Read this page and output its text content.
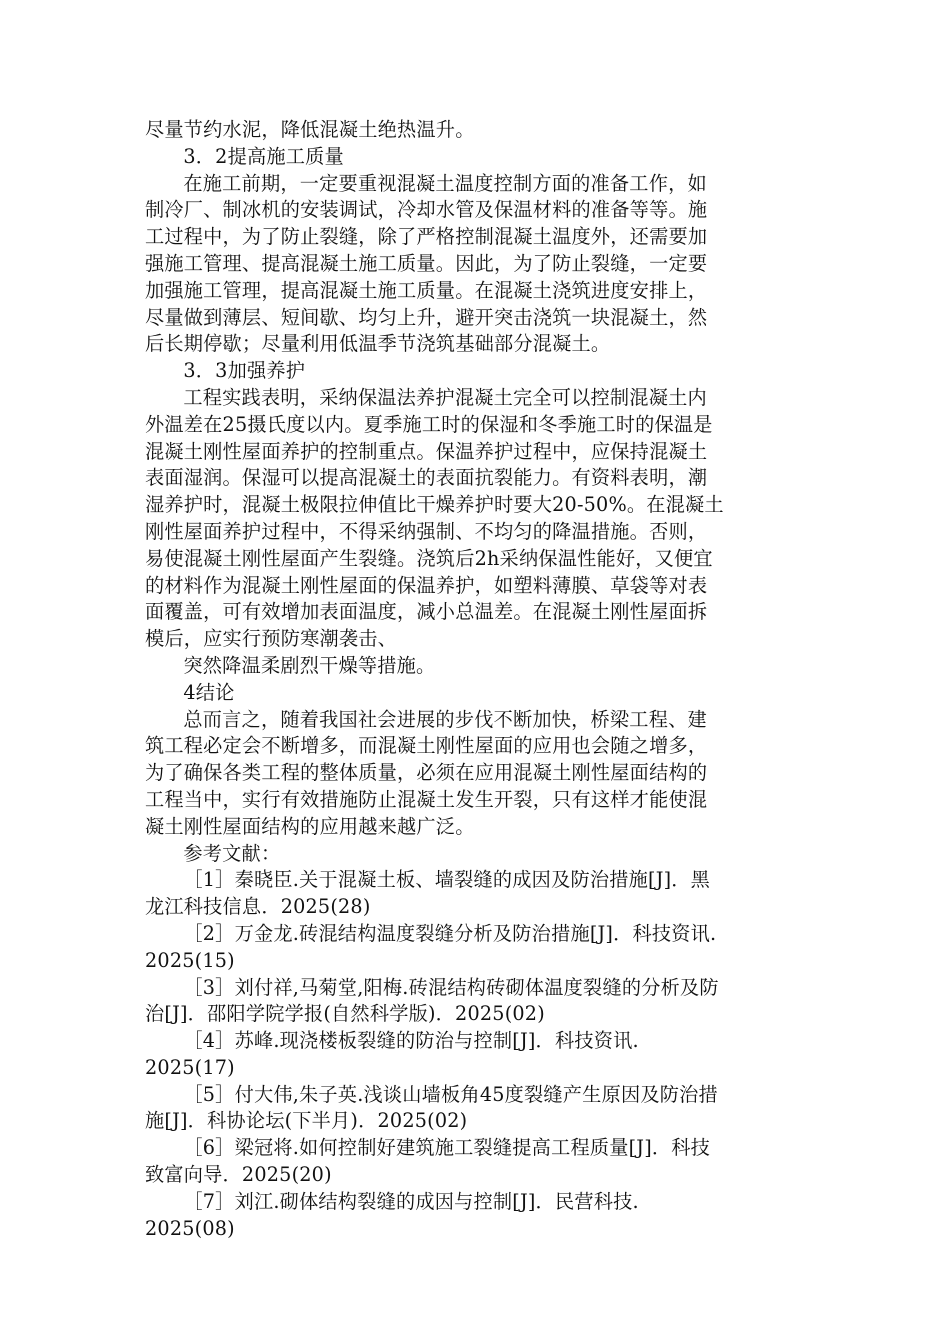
尽量节约水泥，降低混凝土绝热温升。
3．2提高施工质量
在施工前期，一定要重视混凝土温度控制方面的准备工作，如
制冷厂、制冰机的安装调试，冷却水管及保温材料的准备等等。施
工过程中，为了防止裂缝，除了严格控制混凝土温度外，还需要加
强施工管理、提高混凝土施工质量。因此，为了防止裂缝，一定要
加强施工管理，提高混凝土施工质量。在混凝土浇筑进度安排上，
尽量做到薄层、短间歇、均匀上升，避开突击浇筑一块混凝土，然
后长期停歇；尽量利用低温季节浇筑基础部分混凝土。
3．3加强养护
工程实践表明，采纳保温法养护混凝土完全可以控制混凝土内
外温差在25摄氏度以内。夏季施工时的保湿和冬季施工时的保温是
混凝土刚性屋面养护的控制重点。保温养护过程中，应保持混凝土
表面湿润。保湿可以提高混凝土的表面抗裂能力。有资料表明，潮
湿养护时，混凝土极限拉伸值比干燥养护时要大20-50%。在混凝土
刚性屋面养护过程中，不得采纳强制、不均匀的降温措施。否则，
易使混凝土刚性屋面产生裂缝。浇筑后2h采纳保温性能好，又便宜
的材料作为混凝土刚性屋面的保温养护，如塑料薄膜、草袋等对表
面覆盖，可有效增加表面温度，减小总温差。在混凝土刚性屋面拆
模后，应实行预防寒潮袭击、
突然降温柔剧烈干燥等措施。
4结论
总而言之，随着我国社会进展的步伐不断加快，桥梁工程、建
筑工程必定会不断增多，而混凝土刚性屋面的应用也会随之增多，
为了确保各类工程的整体质量，必须在应用混凝土刚性屋面结构的
工程当中，实行有效措施防止混凝土发生开裂，只有这样才能使混
凝土刚性屋面结构的应用越来越广泛。
参考文献：
［1］秦晓臣.关于混凝土板、墙裂缝的成因及防治措施[J]．黑
龙江科技信息．2025(28)
［2］万金龙.砖混结构温度裂缝分析及防治措施[J]．科技资讯.
2025(15)
［3］刘付祥,马菊堂,阳梅.砖混结构砖砌体温度裂缝的分析及防
治[J]．邵阳学院学报(自然科学版)．2025(02)
［4］苏峰.现浇楼板裂缝的防治与控制[J]．科技资讯.
2025(17)
［5］付大伟,朱子英.浅谈山墙板角45度裂缝产生原因及防治措
施[J]．科协论坛(下半月)．2025(02)
［6］梁冠将.如何控制好建筑施工裂缝提高工程质量[J]．科技
致富向导．2025(20)
［7］刘江.砌体结构裂缝的成因与控制[J]．民营科技.
2025(08)
